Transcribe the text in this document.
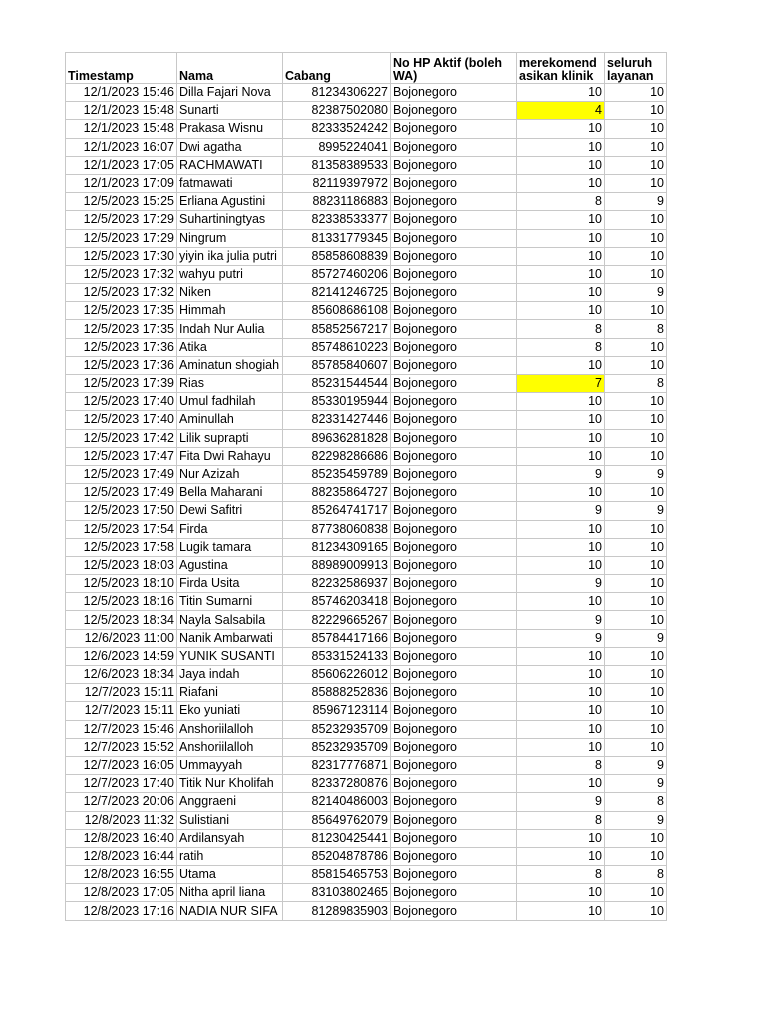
Timestamp	Nama	Cabang	No HP Aktif (boleh WA)	merekomend asikan klinik	seluruh layanan
12/1/2023 15:46	Dilla Fajari Nova	81234306227	Bojonegoro	10	10
12/1/2023 15:48	Sunarti	82387502080	Bojonegoro	4	10
12/1/2023 15:48	Prakasa Wisnu	82333524242	Bojonegoro	10	10
12/1/2023 16:07	Dwi agatha	8995224041	Bojonegoro	10	10
12/1/2023 17:05	RACHMAWATI	81358389533	Bojonegoro	10	10
12/1/2023 17:09	fatmawati	82119397972	Bojonegoro	10	10
12/5/2023 15:25	Erliana Agustini	88231186883	Bojonegoro	8	9
12/5/2023 17:29	Suhartiningtyas	82338533377	Bojonegoro	10	10
12/5/2023 17:29	Ningrum	81331779345	Bojonegoro	10	10
12/5/2023 17:30	yiyin ika julia putri	85858608839	Bojonegoro	10	10
12/5/2023 17:32	wahyu putri	85727460206	Bojonegoro	10	10
12/5/2023 17:32	Niken	82141246725	Bojonegoro	10	9
12/5/2023 17:35	Himmah	85608686108	Bojonegoro	10	10
12/5/2023 17:35	Indah Nur Aulia	85852567217	Bojonegoro	8	8
12/5/2023 17:36	Atika	85748610223	Bojonegoro	8	10
12/5/2023 17:36	Aminatun shogiah	85785840607	Bojonegoro	10	10
12/5/2023 17:39	Rias	85231544544	Bojonegoro	7	8
12/5/2023 17:40	Umul fadhilah	85330195944	Bojonegoro	10	10
12/5/2023 17:40	Aminullah	82331427446	Bojonegoro	10	10
12/5/2023 17:42	Lilik suprapti	89636281828	Bojonegoro	10	10
12/5/2023 17:47	Fita Dwi Rahayu	82298286686	Bojonegoro	10	10
12/5/2023 17:49	Nur Azizah	85235459789	Bojonegoro	9	9
12/5/2023 17:49	Bella Maharani	88235864727	Bojonegoro	10	10
12/5/2023 17:50	Dewi Safitri	85264741717	Bojonegoro	9	9
12/5/2023 17:54	Firda	87738060838	Bojonegoro	10	10
12/5/2023 17:58	Lugik tamara	81234309165	Bojonegoro	10	10
12/5/2023 18:03	Agustina	88989009913	Bojonegoro	10	10
12/5/2023 18:10	Firda Usita	82232586937	Bojonegoro	9	10
12/5/2023 18:16	Titin Sumarni	85746203418	Bojonegoro	10	10
12/5/2023 18:34	Nayla Salsabila	82229665267	Bojonegoro	9	10
12/6/2023 11:00	Nanik Ambarwati	85784417166	Bojonegoro	9	9
12/6/2023 14:59	YUNIK SUSANTI	85331524133	Bojonegoro	10	10
12/6/2023 18:34	Jaya indah	85606226012	Bojonegoro	10	10
12/7/2023 15:11	Riafani	85888252836	Bojonegoro	10	10
12/7/2023 15:11	Eko yuniati	85967123114	Bojonegoro	10	10
12/7/2023 15:46	Anshoriilalloh	85232935709	Bojonegoro	10	10
12/7/2023 15:52	Anshoriilalloh	85232935709	Bojonegoro	10	10
12/7/2023 16:05	Ummayyah	82317776871	Bojonegoro	8	9
12/7/2023 17:40	Titik Nur Kholifah	82337280876	Bojonegoro	10	9
12/7/2023 20:06	Anggraeni	82140486003	Bojonegoro	9	8
12/8/2023 11:32	Sulistiani	85649762079	Bojonegoro	8	9
12/8/2023 16:40	Ardilansyah	81230425441	Bojonegoro	10	10
12/8/2023 16:44	ratih	85204878786	Bojonegoro	10	10
12/8/2023 16:55	Utama	85815465753	Bojonegoro	8	8
12/8/2023 17:05	Nitha april liana	83103802465	Bojonegoro	10	10
12/8/2023 17:16	NADIA NUR SIFA	81289835903	Bojonegoro	10	10
